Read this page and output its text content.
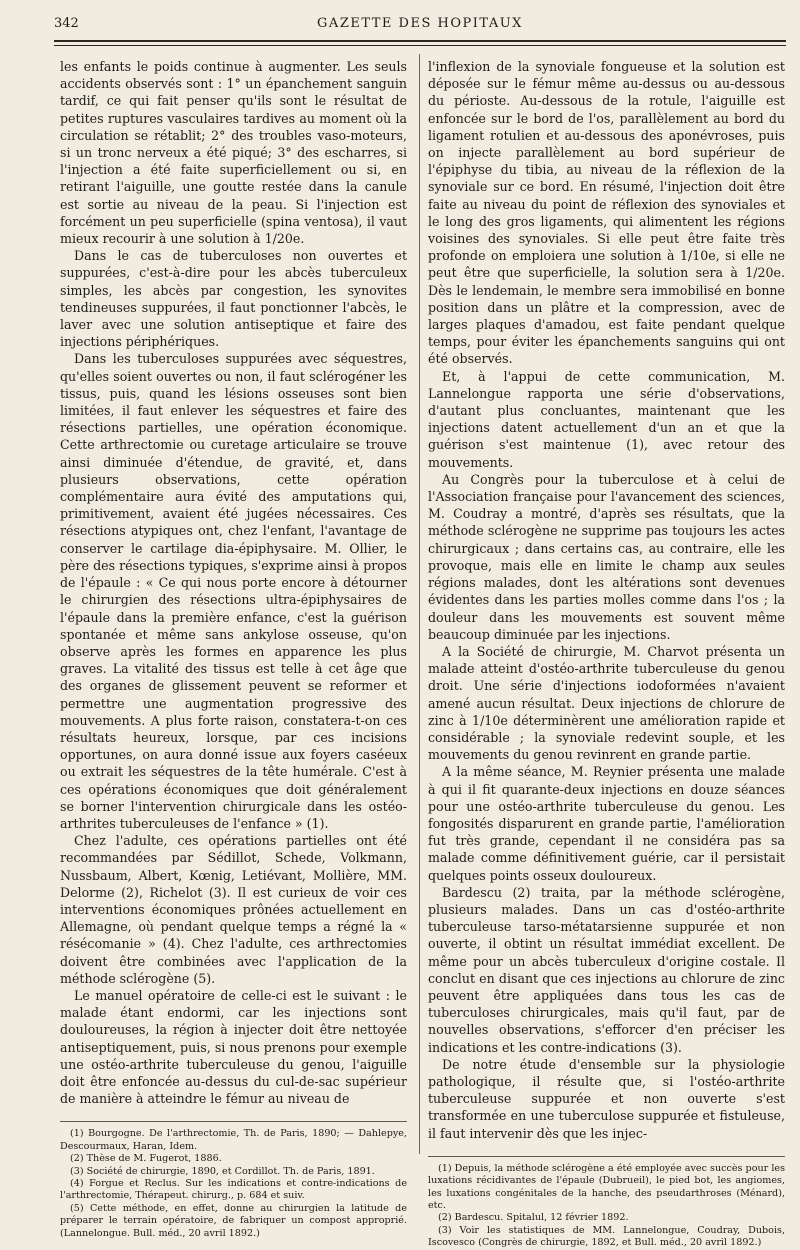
342	GAZETTE DES HOPITAUX

les enfants le poids continue à augmenter. Les seuls accidents observés sont : 1° un épanchement sanguin tardif, ce qui fait penser qu'ils sont le résultat de petites ruptures vasculaires tardives au moment où la circulation se rétablit; 2° des troubles vaso-moteurs, si un tronc nerveux a été piqué; 3° des escharres, si l'injection a été faite superficiellement ou si, en retirant l'aiguille, une goutte restée dans la canule est sortie au niveau de la peau. Si l'injection est forcément un peu superficielle (spina ventosa), il vaut mieux recourir à une solution à 1/20e.

Dans le cas de tuberculoses non ouvertes et suppurées, c'est-à-dire pour les abcès tuberculeux simples, les abcès par congestion, les synovites tendineuses suppurées, il faut ponctionner l'abcès, le laver avec une solution antiseptique et faire des injections périphériques.

Dans les tuberculoses suppurées avec séquestres, qu'elles soient ouvertes ou non, il faut sclérogéner les tissus, puis, quand les lésions osseuses sont bien limitées, il faut enlever les séquestres et faire des résections partielles, une opération économique. Cette arthrectomie ou curetage articulaire se trouve ainsi diminuée d'étendue, de gravité, et, dans plusieurs observations, cette opération complémentaire aura évité des amputations qui, primitivement, avaient été jugées nécessaires. Ces résections atypiques ont, chez l'enfant, l'avantage de conserver le cartilage dia-épiphysaire. M. Ollier, le père des résections typiques, s'exprime ainsi à propos de l'épaule : « Ce qui nous porte encore à détourner le chirurgien des résections ultra-épiphysaires de l'épaule dans la première enfance, c'est la guérison spontanée et même sans ankylose osseuse, qu'on observe après les formes en apparence les plus graves. La vitalité des tissus est telle à cet âge que des organes de glissement peuvent se reformer et permettre une augmentation progressive des mouvements. A plus forte raison, constatera-t-on ces résultats heureux, lorsque, par ces incisions opportunes, on aura donné issue aux foyers caséeux ou extrait les séquestres de la tête humérale. C'est à ces opérations économiques que doit généralement se borner l'intervention chirurgicale dans les ostéo-arthrites tuberculeuses de l'enfance » (1).

Chez l'adulte, ces opérations partielles ont été recommandées par Sédillot, Schede, Volkmann, Nussbaum, Albert, Kœnig, Letiévant, Mollière, MM. Delorme (2), Richelot (3). Il est curieux de voir ces interventions économiques prônées actuellement en Allemagne, où pendant quelque temps a régné la « résécomanie » (4). Chez l'adulte, ces arthrectomies doivent être combinées avec l'application de la méthode sclérogène (5).

Le manuel opératoire de celle-ci est le suivant : le malade étant endormi, car les injections sont douloureuses, la région à injecter doit être nettoyée antiseptiquement, puis, si nous prenons pour exemple une ostéo-arthrite tuberculeuse du genou, l'aiguille doit être enfoncée au-dessus du cul-de-sac supérieur de manière à atteindre le fémur au niveau de

(1) Bourgogne. De l'arthrectomie, Th. de Paris, 1890; — Dahlepye, Descourmaux, Haran, Idem.
(2) Thèse de M. Fugerot, 1886.
(3) Société de chirurgie, 1890, et Cordillot. Th. de Paris, 1891.
(4) Forgue et Reclus. Sur les indications et contre-indications de l'arthrectomie, Thérapeut. chirurg., p. 684 et suiv.
(5) Cette méthode, en effet, donne au chirurgien la latitude de préparer le terrain opératoire, de fabriquer un compost approprié. (Lannelongue. Bull. méd., 20 avril 1892.)

l'inflexion de la synoviale fongueuse et la solution est déposée sur le fémur même au-dessus ou au-dessous du périoste. Au-dessous de la rotule, l'aiguille est enfoncée sur le bord de l'os, parallèlement au bord du ligament rotulien et au-dessous des aponévroses, puis on injecte parallèlement au bord supérieur de l'épiphyse du tibia, au niveau de la réflexion de la synoviale sur ce bord. En résumé, l'injection doit être faite au niveau du point de réflexion des synoviales et le long des gros ligaments, qui alimentent les régions voisines des synoviales. Si elle peut être faite très profonde on emploiera une solution à 1/10e, si elle ne peut être que superficielle, la solution sera à 1/20e. Dès le lendemain, le membre sera immobilisé en bonne position dans un plâtre et la compression, avec de larges plaques d'amadou, est faite pendant quelque temps, pour éviter les épanchements sanguins qui ont été observés.

Et, à l'appui de cette communication, M. Lannelongue rapporta une série d'observations, d'autant plus concluantes, maintenant que les injections datent actuellement d'un an et que la guérison s'est maintenue (1), avec retour des mouvements.

Au Congrès pour la tuberculose et à celui de l'Association française pour l'avancement des sciences, M. Coudray a montré, d'après ses résultats, que la méthode sclérogène ne supprime pas toujours les actes chirurgicaux ; dans certains cas, au contraire, elle les provoque, mais elle en limite le champ aux seules régions malades, dont les altérations sont devenues évidentes dans les parties molles comme dans l'os ; la douleur dans les mouvements est souvent même beaucoup diminuée par les injections.

A la Société de chirurgie, M. Charvot présenta un malade atteint d'ostéo-arthrite tuberculeuse du genou droit. Une série d'injections iodoformées n'avaient amené aucun résultat. Deux injections de chlorure de zinc à 1/10e déterminèrent une amélioration rapide et considérable ; la synoviale redevint souple, et les mouvements du genou revinrent en grande partie.

A la même séance, M. Reynier présenta une malade à qui il fit quarante-deux injections en douze séances pour une ostéo-arthrite tuberculeuse du genou. Les fongosités disparurent en grande partie, l'amélioration fut très grande, cependant il ne considéra pas sa malade comme définitivement guérie, car il persistait quelques points osseux douloureux.

Bardescu (2) traita, par la méthode sclérogène, plusieurs malades. Dans un cas d'ostéo-arthrite tuberculeuse tarso-métatarsienne suppurée et non ouverte, il obtint un résultat immédiat excellent. De même pour un abcès tuberculeux d'origine costale. Il conclut en disant que ces injections au chlorure de zinc peuvent être appliquées dans tous les cas de tuberculoses chirurgicales, mais qu'il faut, par de nouvelles observations, s'efforcer d'en préciser les indications et les contre-indications (3).

De notre étude d'ensemble sur la physiologie pathologique, il résulte que, si l'ostéo-arthrite tuberculeuse suppurée et non ouverte s'est transformée en une tuberculose suppurée et fistuleuse, il faut intervenir dès que les injec-

(1) Depuis, la méthode sclérogène a été employée avec succès pour les luxations récidivantes de l'épaule (Dubrueil), le pied bot, les angiomes, les luxations congénitales de la hanche, des pseudarthroses (Ménard), etc.
(2) Bardescu. Spitalul, 12 février 1892.
(3) Voir les statistiques de MM. Lannelongue, Coudray, Dubois, Iscovesco (Congrès de chirurgie, 1892, et Bull. méd., 20 avril 1892.)
